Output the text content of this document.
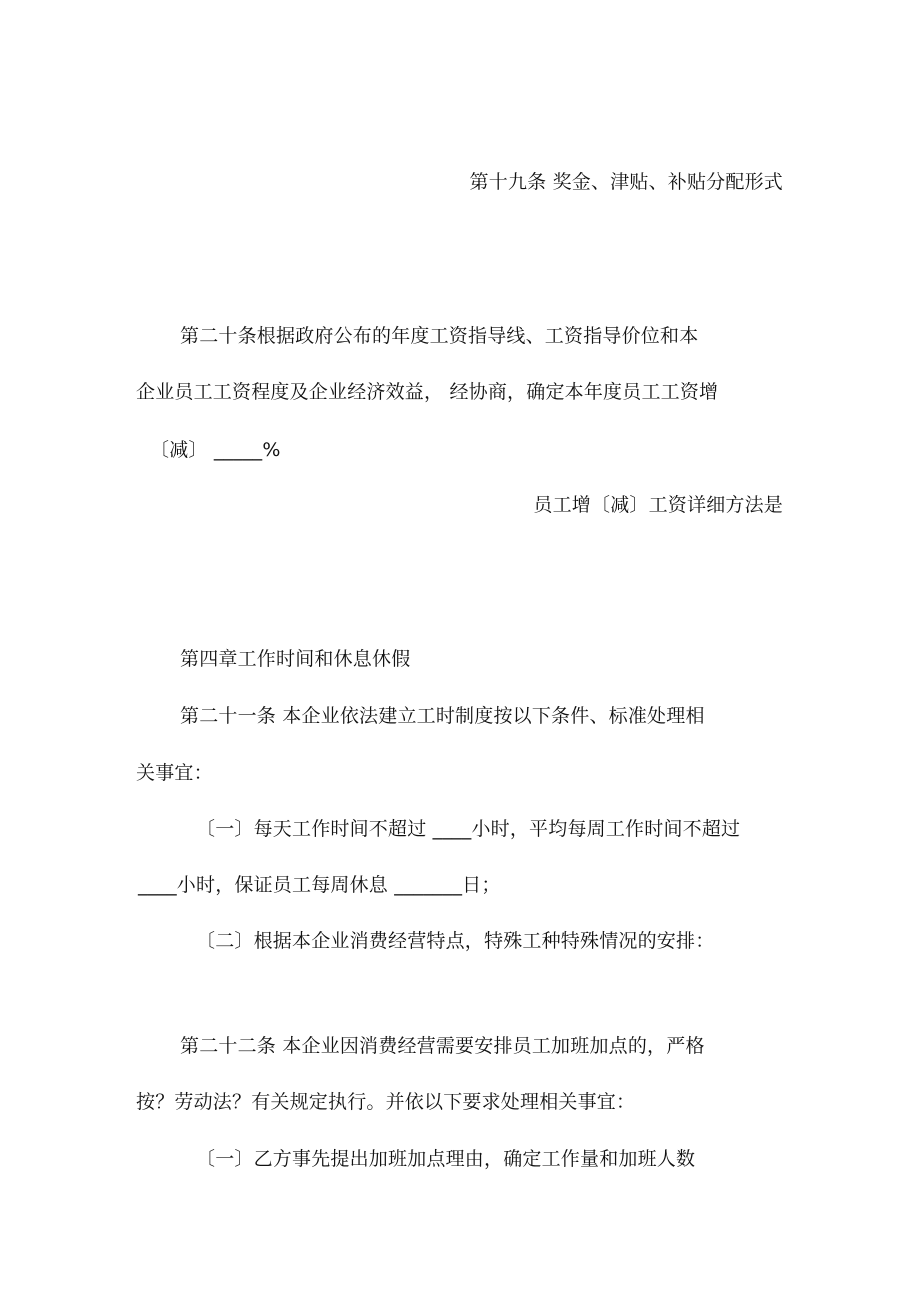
第十九条 奖金、津贴、补贴分配形式
第二十条根据政府公布的年度工资指导线、工资指导价位和本
企业员工工资程度及企业经济效益， 经协商，确定本年度员工工资增
〔减〕 _____%
员工增〔减〕工资详细方法是
第四章工作时间和休息休假
第二十一条 本企业依法建立工时制度按以下条件、标准处理相
关事宜：
〔一〕每天工作时间不超过 ____小时，平均每周工作时间不超过
____小时，保证员工每周休息 _______日；
〔二〕根据本企业消费经营特点，特殊工种特殊情况的安排：
第二十二条 本企业因消费经营需要安排员工加班加点的，严格
按？劳动法？有关规定执行。并依以下要求处理相关事宜：
〔一〕乙方事先提出加班加点理由，确定工作量和加班人数
